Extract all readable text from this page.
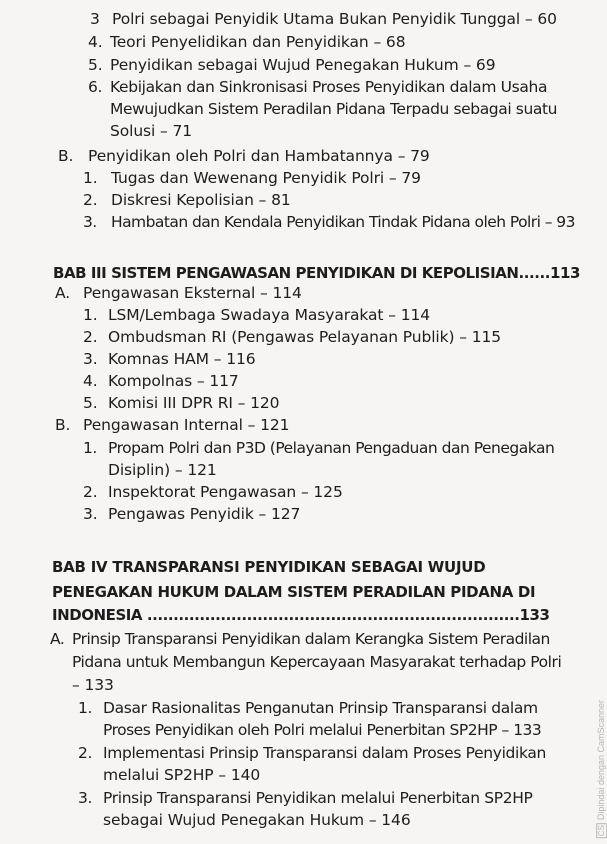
3 Polri sebagai Penyidik Utama Bukan Penyidik Tunggal – 60
4. Teori Penyelidikan dan Penyidikan – 68
5. Penyidikan sebagai Wujud Penegakan Hukum – 69
6. Kebijakan dan Sinkronisasi Proses Penyidikan dalam Usaha
Mewujudkan Sistem Peradilan Pidana Terpadu sebagai suatu
Solusi – 71
B. Penyidikan oleh Polri dan Hambatannya – 79
1. Tugas dan Wewenang Penyidik Polri – 79
2. Diskresi Kepolisian – 81
3. Hambatan dan Kendala Penyidikan Tindak Pidana oleh Polri – 93
BAB III SISTEM PENGAWASAN PENYIDIKAN DI KEPOLISIAN......113
A. Pengawasan Eksternal – 114
1. LSM/Lembaga Swadaya Masyarakat – 114
2. Ombudsman RI (Pengawas Pelayanan Publik) – 115
3. Komnas HAM – 116
4. Kompolnas – 117
5. Komisi III DPR RI – 120
B. Pengawasan Internal – 121
1. Propam Polri dan P3D (Pelayanan Pengaduan dan Penegakan
Disiplin) – 121
2. Inspektorat Pengawasan – 125
3. Pengawas Penyidik – 127
BAB IV TRANSPARANSI PENYIDIKAN SEBAGAI WUJUD
PENEGAKAN HUKUM DALAM SISTEM PERADILAN PIDANA DI
INDONESIA .......................................................................133
A. Prinsip Transparansi Penyidikan dalam Kerangka Sistem Peradilan
Pidana untuk Membangun Kepercayaan Masyarakat terhadap Polri
– 133
1. Dasar Rasionalitas Penganutan Prinsip Transparansi dalam
Proses Penyidikan oleh Polri melalui Penerbitan SP2HP – 133
2. Implementasi Prinsip Transparansi dalam Proses Penyidikan
melalui SP2HP – 140
3. Prinsip Transparansi Penyidikan melalui Penerbitan SP2HP
sebagai Wujud Penegakan Hukum – 146
CSDipindai dengan CamScanner
